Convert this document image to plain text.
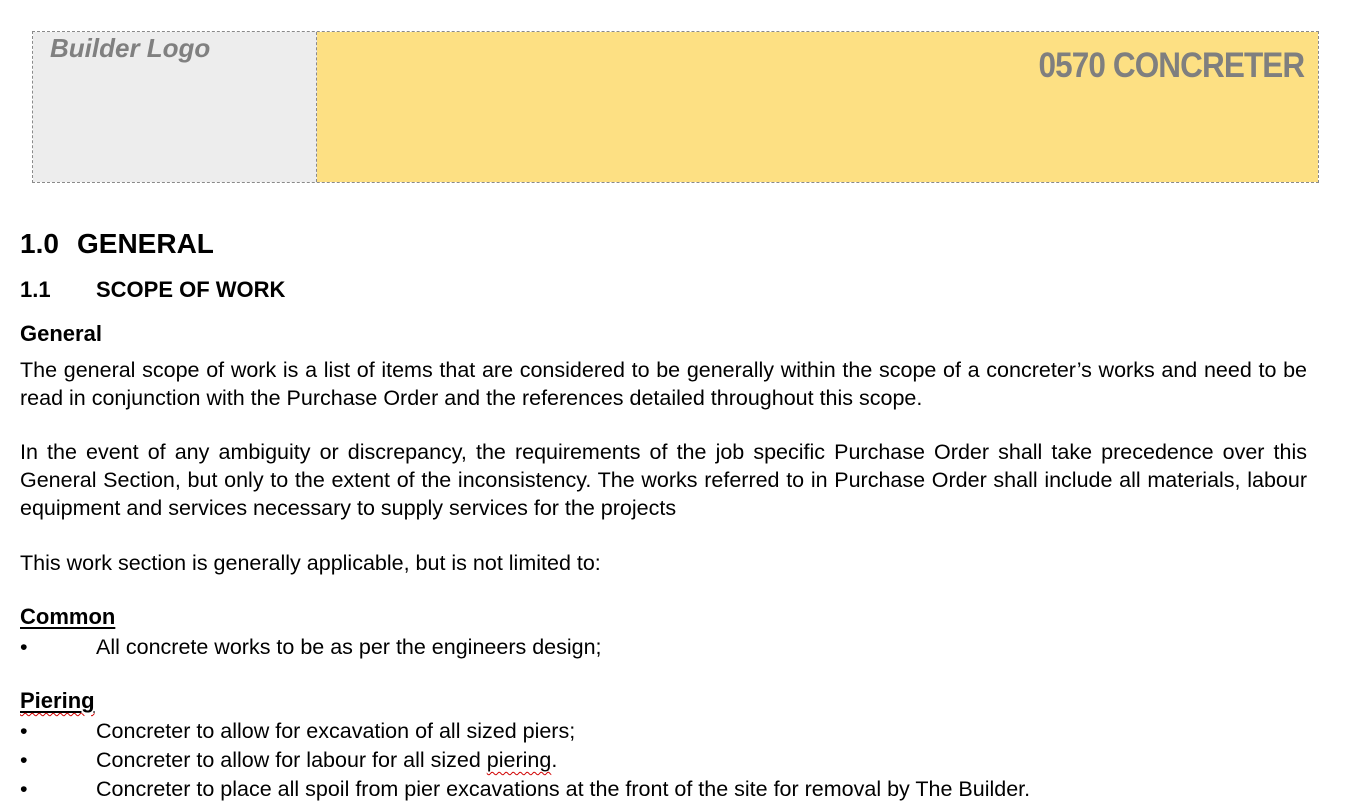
Builder Logo	0570 CONCRETER
1.0 GENERAL
1.1 SCOPE OF WORK
General
The general scope of work is a list of items that are considered to be generally within the scope of a concreter’s works and need to be read in conjunction with the Purchase Order and the references detailed throughout this scope.
In the event of any ambiguity or discrepancy, the requirements of the job specific Purchase Order shall take precedence over this General Section, but only to the extent of the inconsistency. The works referred to in Purchase Order shall include all materials, labour equipment and services necessary to supply services for the projects
This work section is generally applicable, but is not limited to:
Common
•	All concrete works to be as per the engineers design;
Piering
•	Concreter to allow for excavation of all sized piers;
•	Concreter to allow for labour for all sized piering.
•	Concreter to place all spoil from pier excavations at the front of the site for removal by The Builder.
